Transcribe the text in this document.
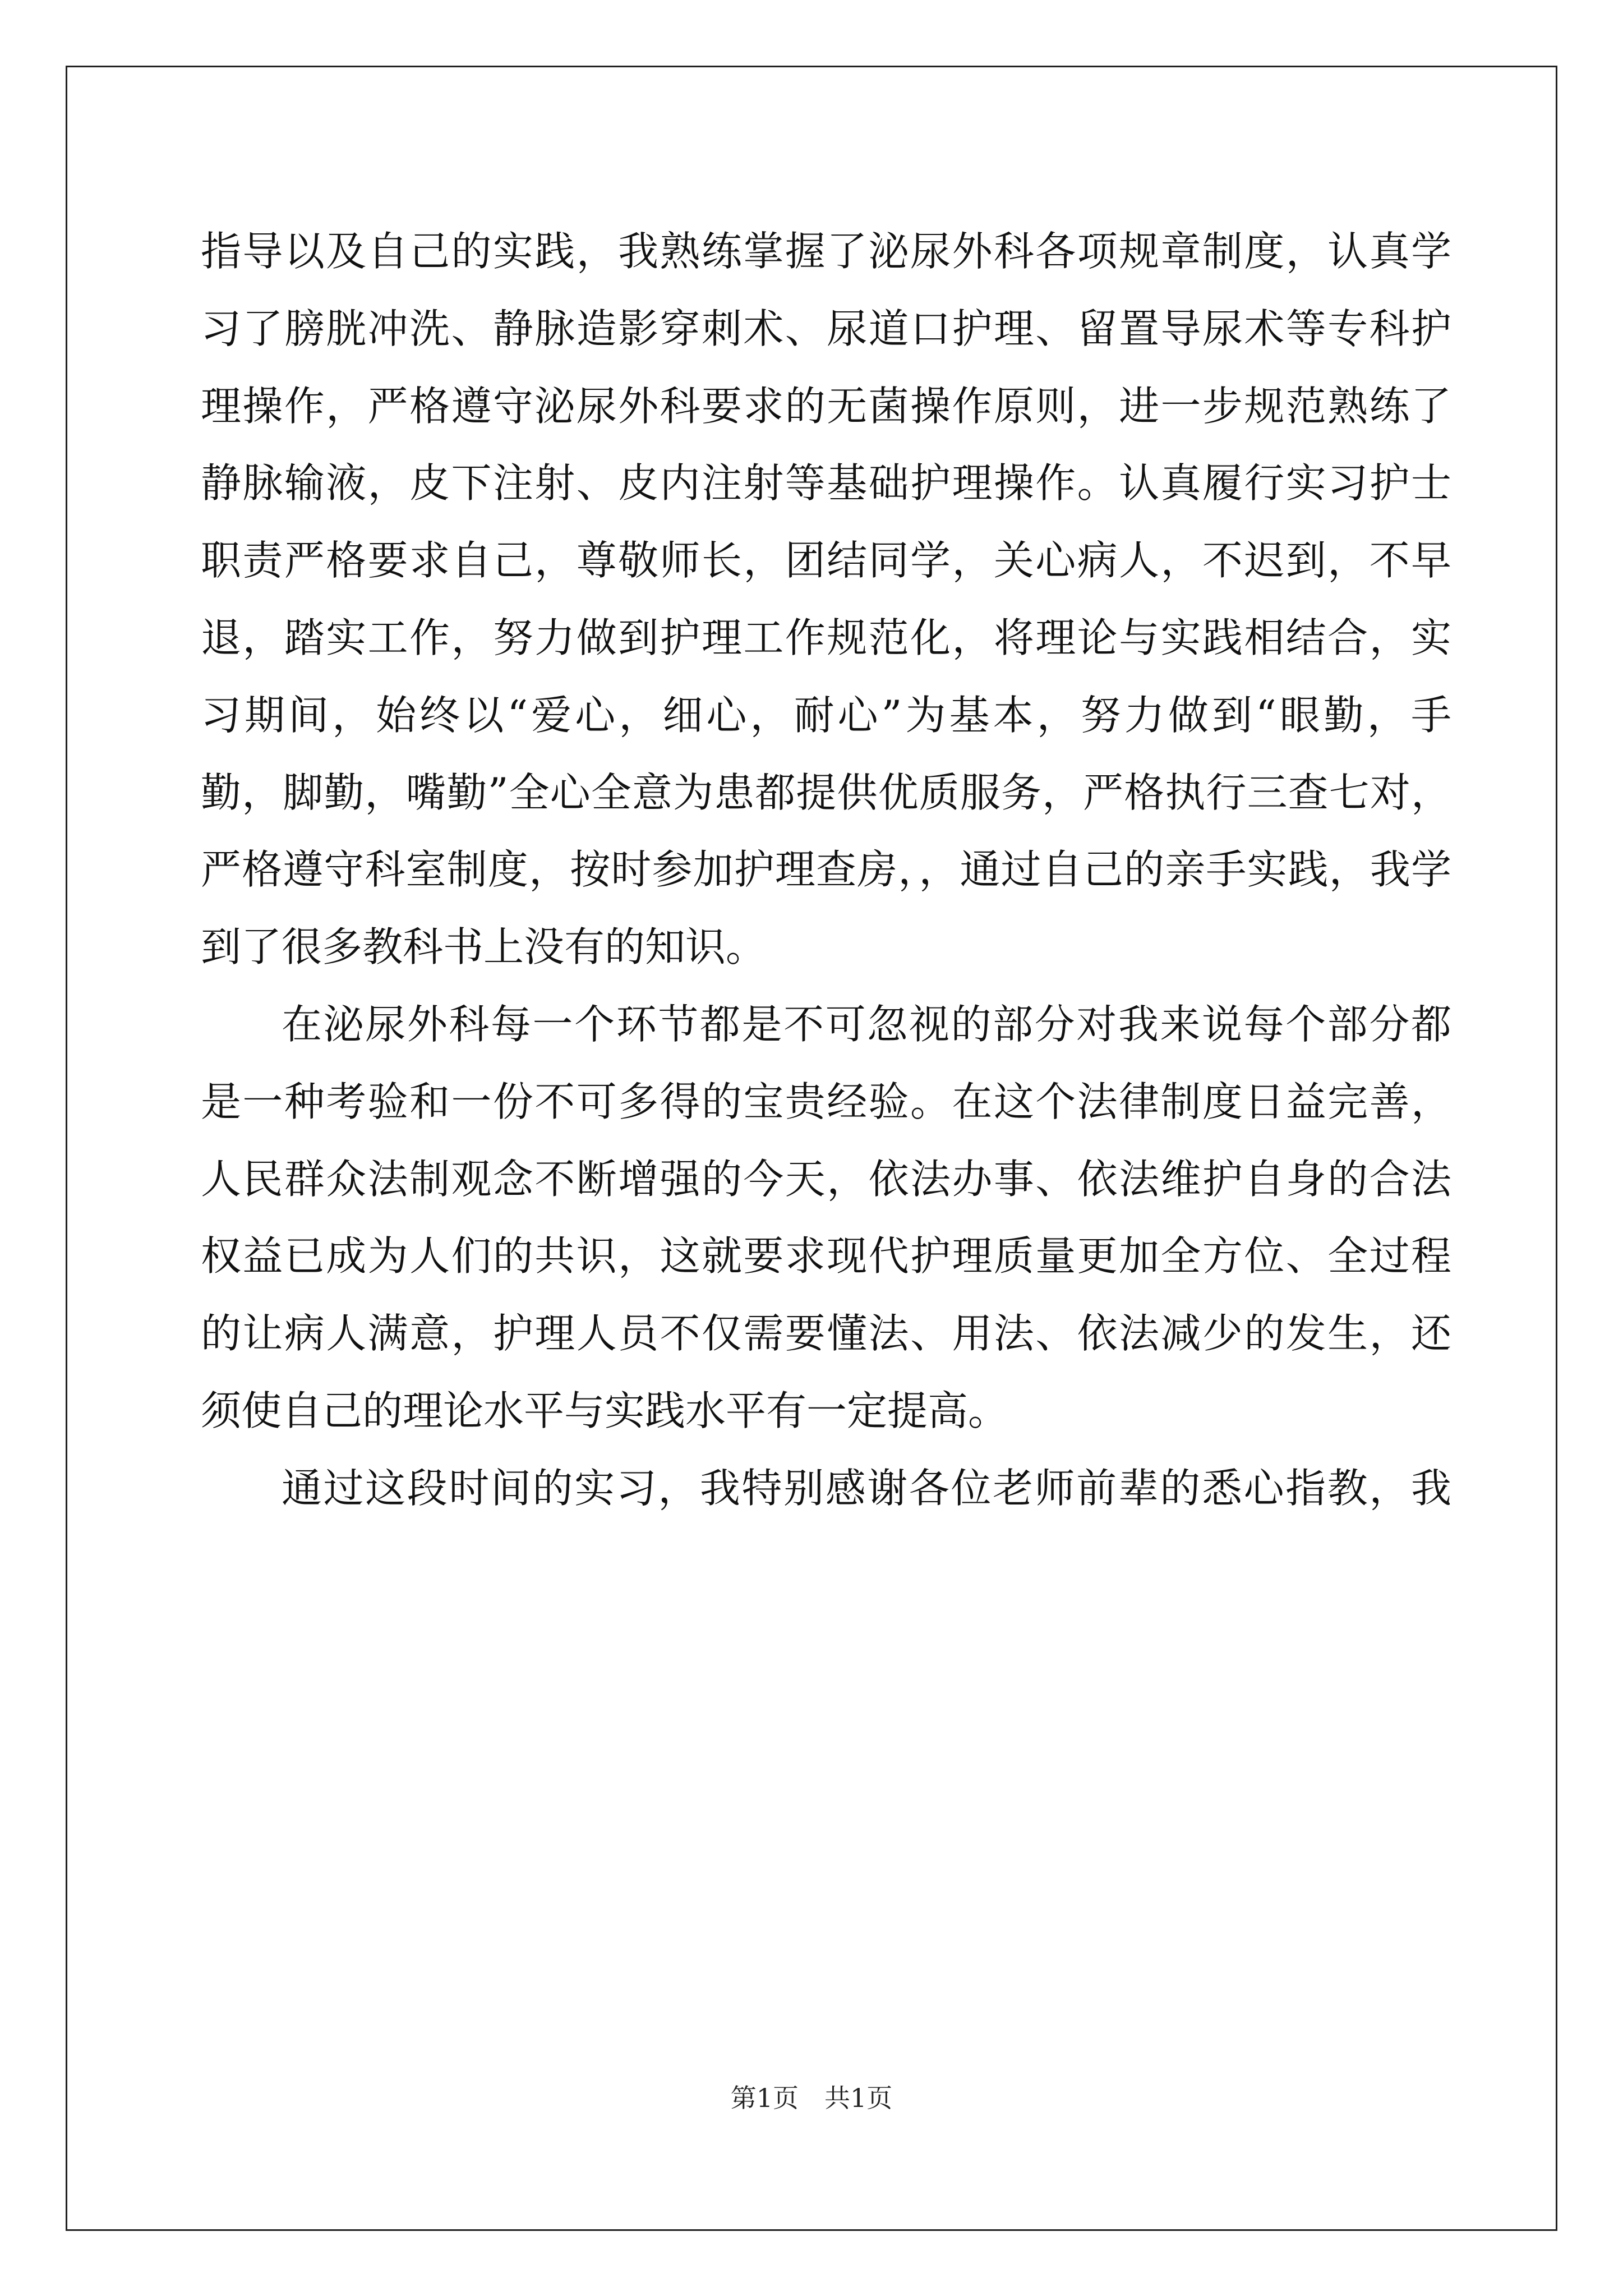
指导以及自己的实践，我熟练掌握了泌尿外科各项规章制度，认真学
习了膀胱冲洗、静脉造影穿刺术、尿道口护理、留置导尿术等专科护
理操作，严格遵守泌尿外科要求的无菌操作原则，进一步规范熟练了
静脉输液，皮下注射、皮内注射等基础护理操作。认真履行实习护士
职责严格要求自己，尊敬师长，团结同学，关心病人，不迟到，不早
退，踏实工作，努力做到护理工作规范化，将理论与实践相结合，实
习期间，始终以“爱心，细心，耐心”为基本，努力做到“眼勤，手
勤，脚勤，嘴勤”全心全意为患都提供优质服务，严格执行三查七对，
严格遵守科室制度，按时参加护理查房，，通过自己的亲手实践，我学
到了很多教科书上没有的知识。
在泌尿外科每一个环节都是不可忽视的部分对我来说每个部分都
是一种考验和一份不可多得的宝贵经验。在这个法律制度日益完善，
人民群众法制观念不断增强的今天，依法办事、依法维护自身的合法
权益已成为人们的共识，这就要求现代护理质量更加全方位、全过程
的让病人满意，护理人员不仅需要懂法、用法、依法减少的发生，还
须使自己的理论水平与实践水平有一定提高。
通过这段时间的实习，我特别感谢各位老师前辈的悉心指教，我
第1页　共1页
